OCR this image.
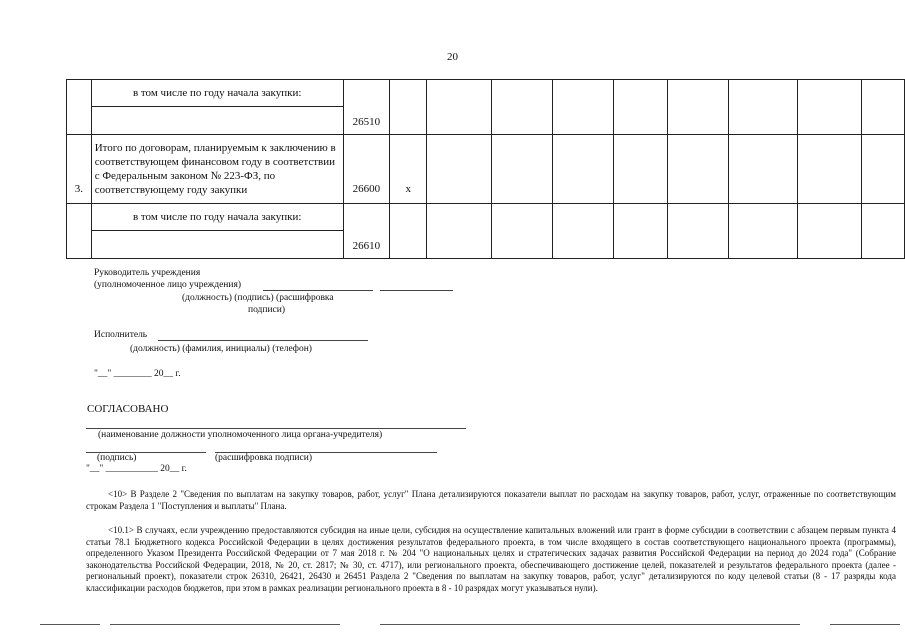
20

	в том числе по году начала закупки:	26510									
3.	Итого по договорам, планируемым к заключению в соответствующем финансовом году в соответствии с Федеральным законом № 223-ФЗ, по соответствующему году закупки	26600	х								

	в том числе по году начала закупки:	26610									
Руководитель учреждения
(уполномоченное лицо учреждения)
(должность) (подпись) (расшифровка
подписи)
Исполнитель
(должность) (фамилия, инициалы) (телефон)
"__" ________ 20__ г.
СОГЛАСОВАНО
(наименование должности уполномоченного лица органа-учредителя)
(подпись)	(расшифровка подписи)
"__" ___________ 20__ г.

<10> В Разделе 2 "Сведения по выплатам на закупку товаров, работ, услуг" Плана детализируются показатели выплат по расходам на закупку товаров, работ, услуг, отраженные по соответствующим строкам Раздела 1 "Поступления и выплаты" Плана.

<10.1> В случаях, если учреждению предоставляются субсидия на иные цели, субсидия на осуществление капитальных вложений или грант в форме субсидии в соответствии с абзацем первым пункта 4 статьи 78.1 Бюджетного кодекса Российской Федерации в целях достижения результатов федерального проекта, в том числе входящего в состав соответствующего национального проекта (программы), определенного Указом Президента Российской Федерации от 7 мая 2018 г. № 204 "О национальных целях и стратегических задачах развития Российской Федерации на период до 2024 года" (Собрание законодательства Российской Федерации, 2018, № 20, ст. 2817; № 30, ст. 4717), или регионального проекта, обеспечивающего достижение целей, показателей и результатов федерального проекта (далее - региональный проект), показатели строк 26310, 26421, 26430 и 26451 Раздела 2 "Сведения по выплатам на закупку товаров, работ, услуг" детализируются по коду целевой статьи (8 - 17 разряды кода классификации расходов бюджетов, при этом в рамках реализации регионального проекта в 8 - 10 разрядах могут указываться нули).
